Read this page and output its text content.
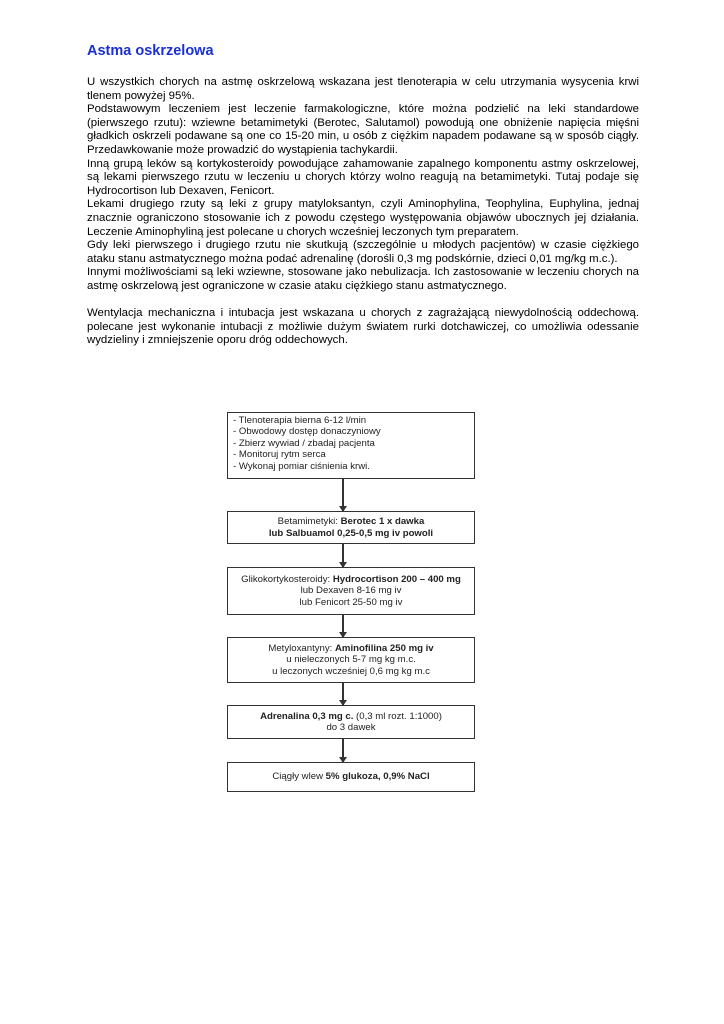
Astma oskrzelowa

U wszystkich chorych na astmę oskrzelową wskazana jest tlenoterapia w celu utrzymania wysycenia krwi tlenem powyżej 95%.

Podstawowym leczeniem jest leczenie farmakologiczne, które można podzielić na leki standardowe (pierwszego rzutu): wziewne betamimetyki (Berotec, Salutamol) powodują one obniżenie napięcia mięśni gładkich oskrzeli podawane są one co 15-20 min, u osób z ciężkim napadem podawane są w sposób ciągły. Przedawkowanie może prowadzić do wystąpienia tachykardii.

Inną grupą leków są kortykosteroidy powodujące zahamowanie zapalnego komponentu astmy oskrzelowej, są lekami pierwszego rzutu w leczeniu u chorych którzy wolno reagują na betamimetyki. Tutaj podaje się Hydrocortison lub Dexaven, Fenicort.

Lekami drugiego rzuty są leki z grupy matyloksantyn, czyli Aminophylina, Teophylina, Euphylina, jednaj znacznie ograniczono stosowanie ich z powodu częstego występowania objawów ubocznych jej działania. Leczenie Aminophyliną jest polecane u chorych wcześniej leczonych tym preparatem.

Gdy leki pierwszego i drugiego rzutu nie skutkują (szczególnie u młodych pacjentów) w czasie ciężkiego ataku stanu astmatycznego można podać adrenalinę (dorośli 0,3 mg podskórnie, dzieci 0,01 mg/kg m.c.).

Innymi możliwościami są leki wziewne, stosowane jako nebulizacja. Ich zastosowanie w leczeniu chorych na astmę oskrzelową jest ograniczone w czasie ataku ciężkiego stanu astmatycznego.

Wentylacja mechaniczna i intubacja jest wskazana u chorych z zagrażającą niewydolnością oddechową. polecane jest wykonanie intubacji z możliwie dużym światem rurki dotchawiczej, co umożliwia odessanie wydzieliny i zmniejszenie oporu dróg oddechowych.

- Tlenoterapia bierna 6-12 l/min
- Obwodowy dostęp donaczyniowy
- Zbierz wywiad / zbadaj pacjenta
- Monitoruj rytm serca
- Wykonaj pomiar ciśnienia krwi.
Betamimetyki: Berotec 1 x dawka
lub Salbuamol 0,25-0,5 mg iv powoli
Glikokortykosteroidy: Hydrocortison 200 – 400 mg
lub Dexaven 8-16 mg iv
lub Fenicort 25-50 mg iv
Metyloxantyny: Aminofilina 250 mg iv
u nieleczonych 5-7 mg kg m.c.
u leczonych wcześniej 0,6 mg kg m.c
Adrenalina 0,3 mg c. (0,3 ml rozt. 1:1000)
do 3 dawek
Ciągły wlew 5% glukoza, 0,9% NaCl
